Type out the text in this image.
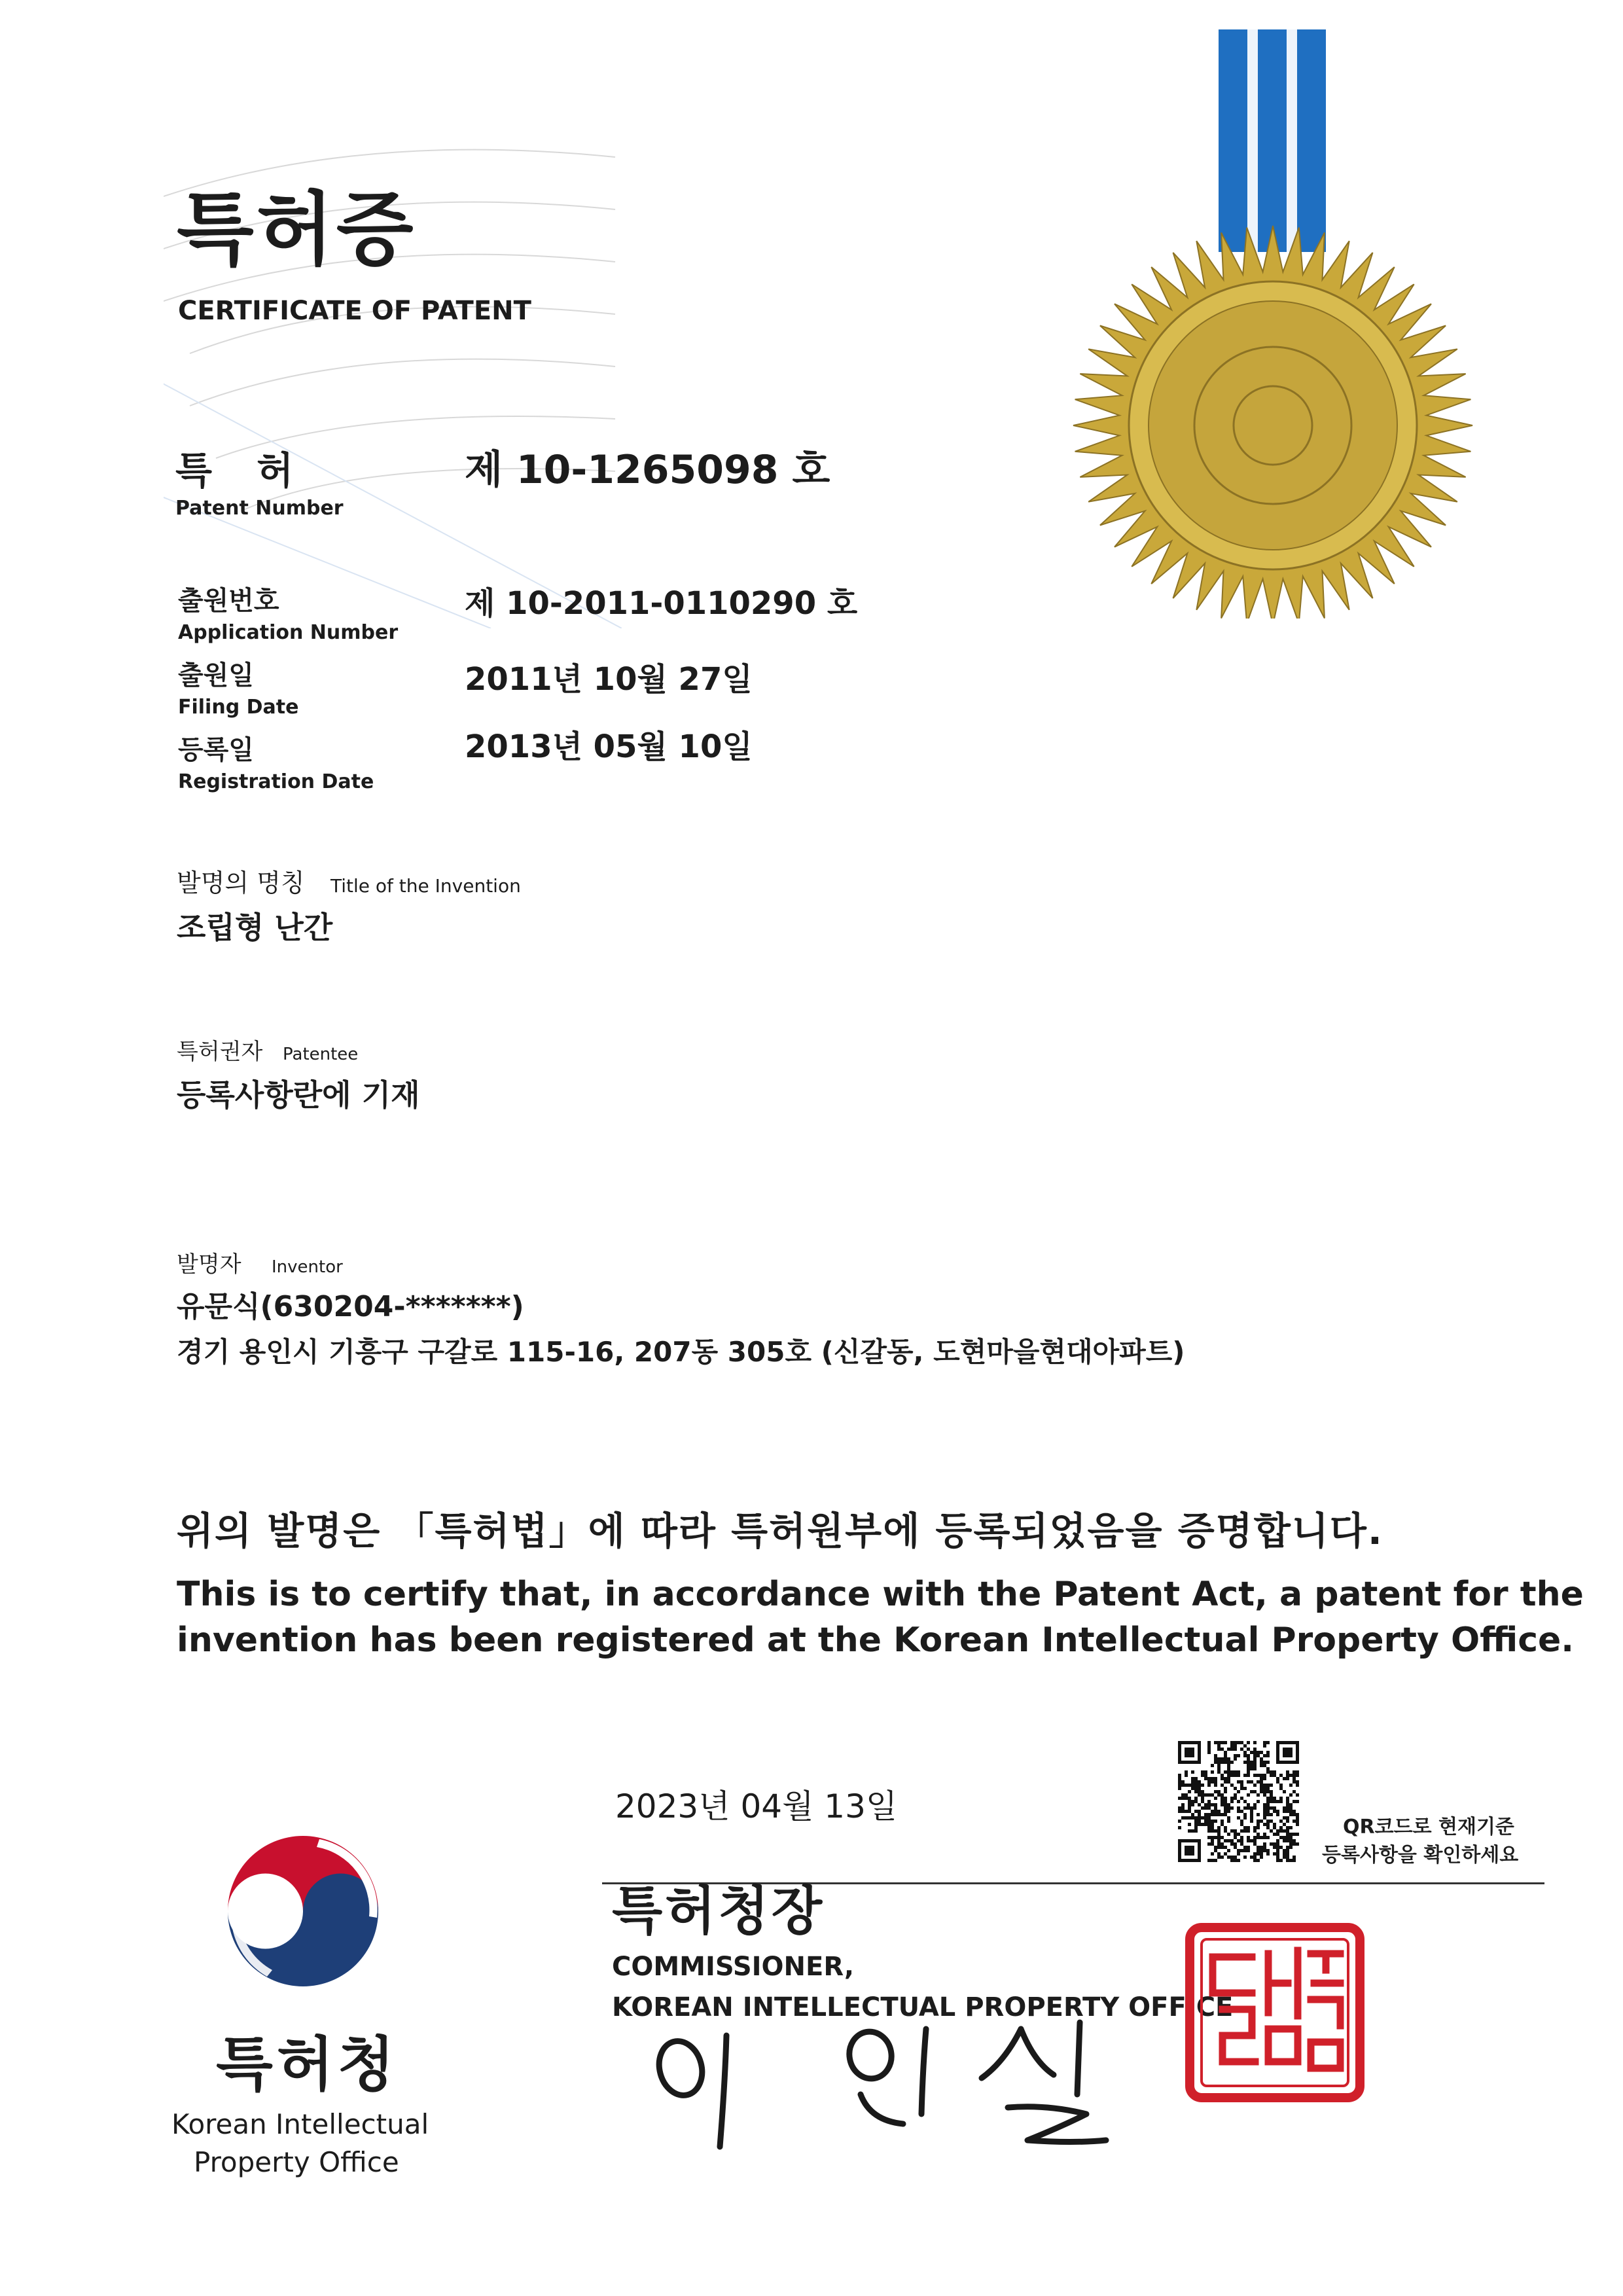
특허증
CERTIFICATE OF PATENT
특 허
Patent Number
제 10-1265098 호
출원번호
Application Number
제 10-2011-0110290 호
출원일
Filing Date
2011년 10월 27일
등록일
Registration Date
2013년 05월 10일
발명의 명칭 Title of the Invention
조립형 난간
특허권자 Patentee
등록사항란에 기재
발명자 Inventor
유문식(630204-*******)
경기 용인시 기흥구 구갈로 115-16, 207동 305호 (신갈동, 도현마을현대아파트)
위의 발명은 「특허법」에 따라 특허원부에 등록되었음을 증명합니다.
This is to certify that, in accordance with the Patent Act, a patent for the
invention has been registered at the Korean Intellectual Property Office.
2023년 04월 13일
QR코드로 현재기준
등록사항을 확인하세요
특허청장
COMMISSIONER,
KOREAN INTELLECTUAL PROPERTY OFFICE
특허청
Korean Intellectual
Property Office
